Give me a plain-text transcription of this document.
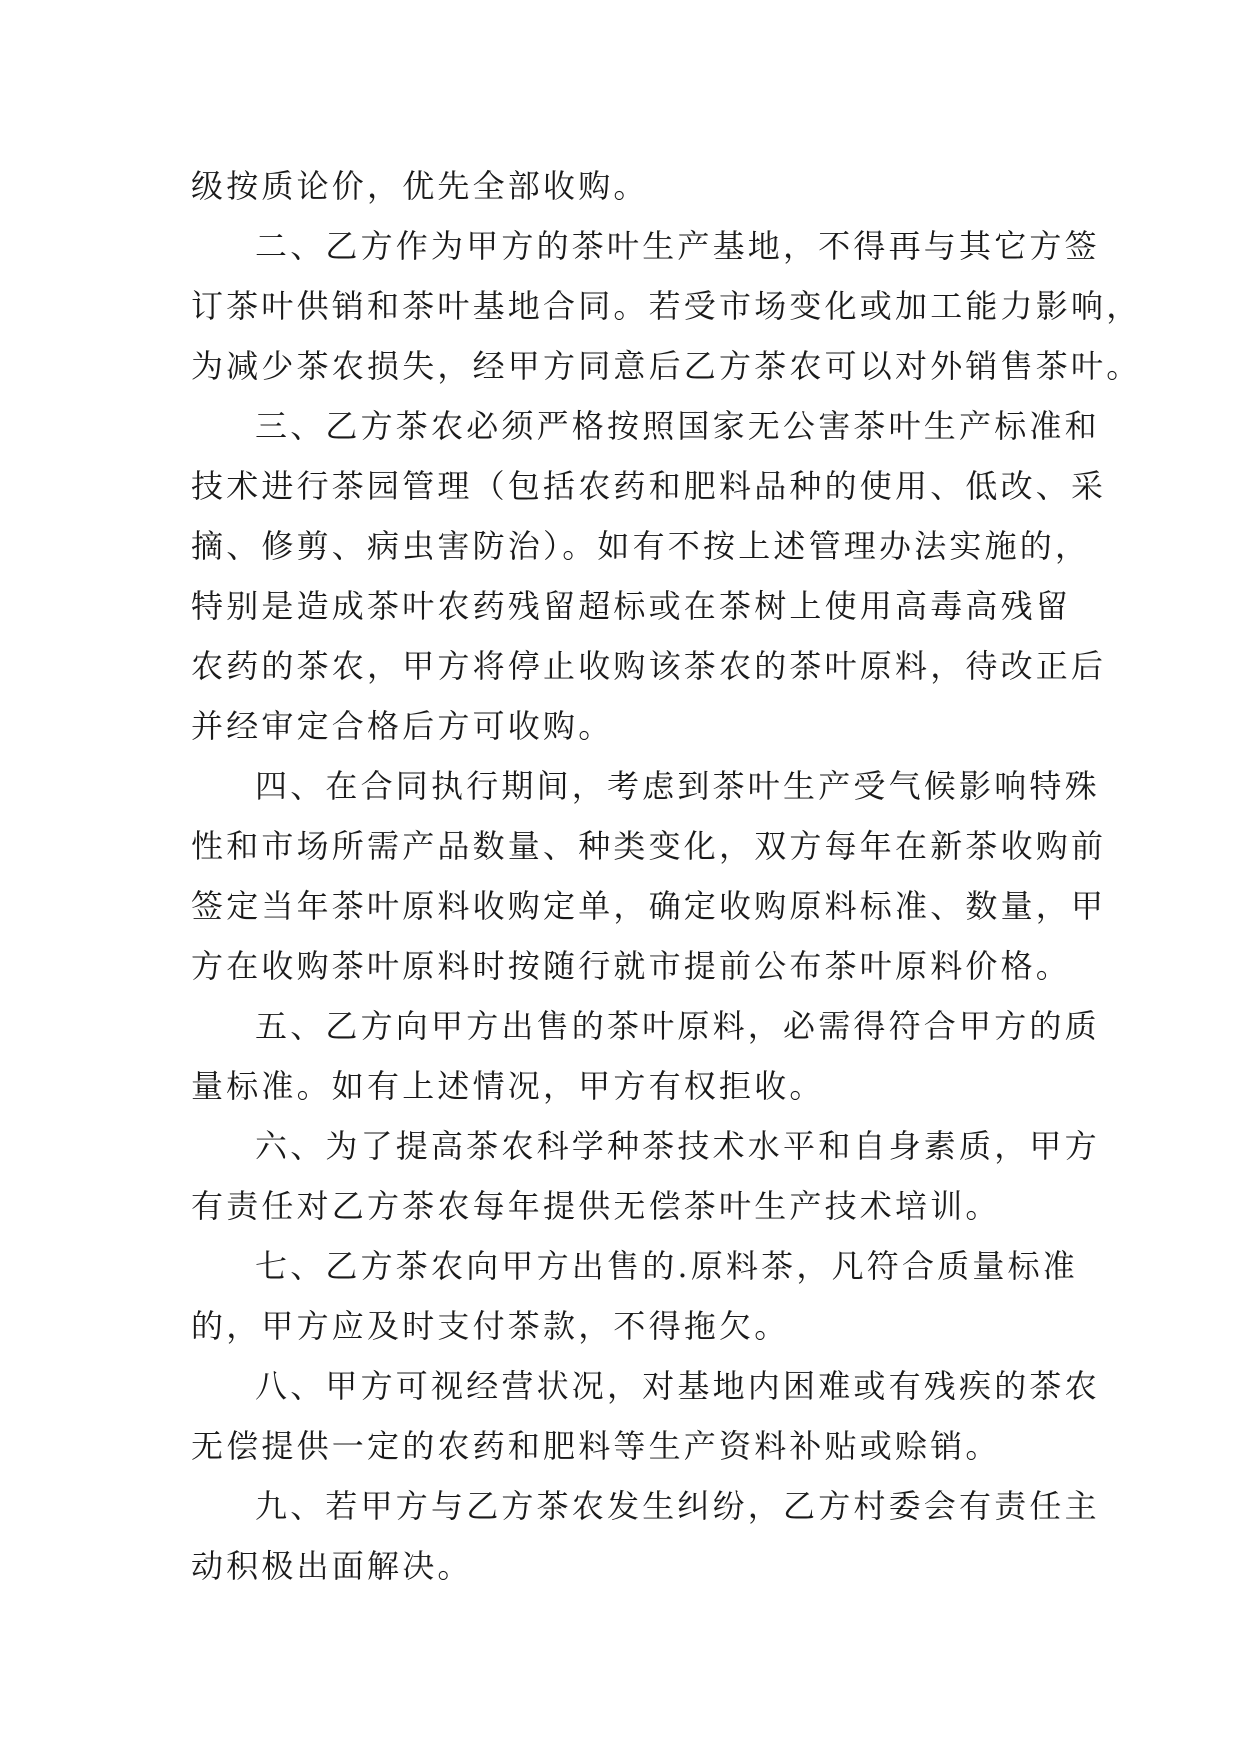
级按质论价，优先全部收购。
二、乙方作为甲方的茶叶生产基地，不得再与其它方签
订茶叶供销和茶叶基地合同。若受市场变化或加工能力影响，
为减少茶农损失，经甲方同意后乙方茶农可以对外销售茶叶。
三、乙方茶农必须严格按照国家无公害茶叶生产标准和
技术进行茶园管理（包括农药和肥料品种的使用、低改、采
摘、修剪、病虫害防治）。如有不按上述管理办法实施的，
特别是造成茶叶农药残留超标或在茶树上使用高毒高残留
农药的茶农，甲方将停止收购该茶农的茶叶原料，待改正后
并经审定合格后方可收购。
四、在合同执行期间，考虑到茶叶生产受气候影响特殊
性和市场所需产品数量、种类变化，双方每年在新茶收购前
签定当年茶叶原料收购定单，确定收购原料标准、数量，甲
方在收购茶叶原料时按随行就市提前公布茶叶原料价格。
五、乙方向甲方出售的茶叶原料，必需得符合甲方的质
量标准。如有上述情况，甲方有权拒收。
六、为了提高茶农科学种茶技术水平和自身素质，甲方
有责任对乙方茶农每年提供无偿茶叶生产技术培训。
七、乙方茶农向甲方出售的.原料茶，凡符合质量标准
的，甲方应及时支付茶款，不得拖欠。
八、甲方可视经营状况，对基地内困难或有残疾的茶农
无偿提供一定的农药和肥料等生产资料补贴或赊销。
九、若甲方与乙方茶农发生纠纷，乙方村委会有责任主
动积极出面解决。
